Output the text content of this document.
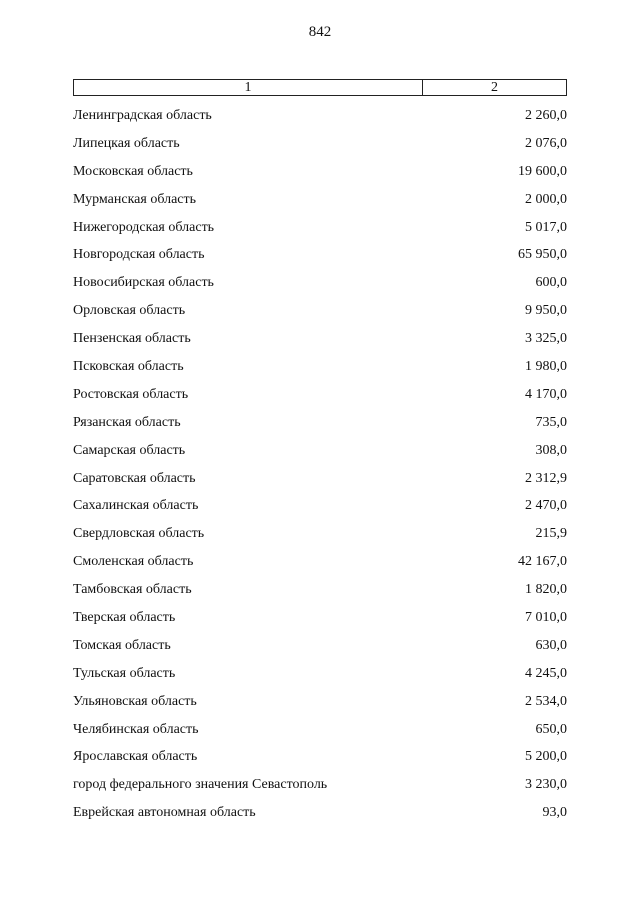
842
1	2
Ленинградская область	2 260,0
Липецкая область	2 076,0
Московская область	19 600,0
Мурманская область	2 000,0
Нижегородская область	5 017,0
Новгородская область	65 950,0
Новосибирская область	600,0
Орловская область	9 950,0
Пензенская область	3 325,0
Псковская область	1 980,0
Ростовская область	4 170,0
Рязанская область	735,0
Самарская область	308,0
Саратовская область	2 312,9
Сахалинская область	2 470,0
Свердловская область	215,9
Смоленская область	42 167,0
Тамбовская область	1 820,0
Тверская область	7 010,0
Томская область	630,0
Тульская область	4 245,0
Ульяновская область	2 534,0
Челябинская область	650,0
Ярославская область	5 200,0
город федерального значения Севастополь	3 230,0
Еврейская автономная область	93,0
